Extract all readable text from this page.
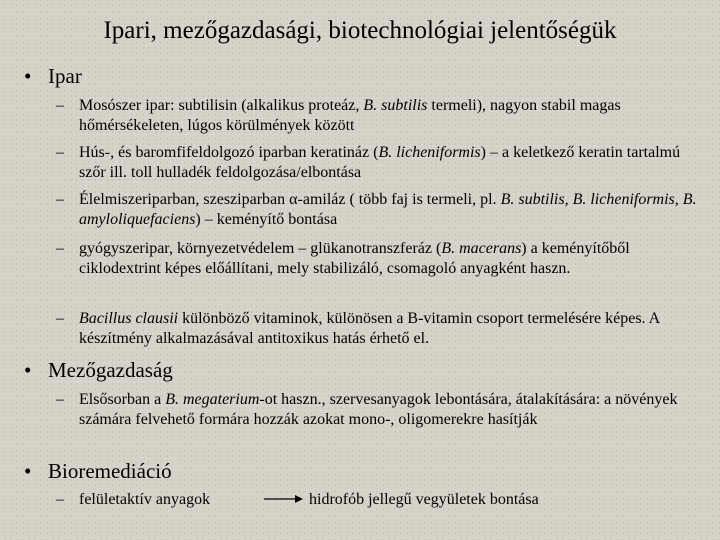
Ipari, mezőgazdasági, biotechnológiai jelentőségük
• Ipar
– Mosószer ipar: subtilisin (alkalikus proteáz, B. subtilis termeli), nagyon stabil magas hőmérsékeleten, lúgos körülmények között
– Hús-, és baromfifeldolgozó iparban keratináz (B. licheniformis) – a keletkező keratin tartalmú szőr ill. toll hulladék feldolgozása/elbontása
– Élelmiszeriparban, szesziparban α-amiláz ( több faj is termeli, pl. B. subtilis, B. licheniformis, B. amyloliquefaciens) – keményítő bontása
– gyógyszeripar, környezetvédelem – glükanotranszferáz (B. macerans) a keményítőből ciklodextrint képes előállítani, mely stabilizáló, csomagoló anyagként haszn.
– Bacillus clausii különböző vitaminok, különösen a B-vitamin csoport termelésére képes. A készítmény alkalmazásával antitoxikus hatás érhető el.
• Mezőgazdaság
– Elsősorban a B. megaterium-ot haszn., szervesanyagok lebontására, átalakítására: a növények számára felvehető formára hozzák azokat mono-, oligomerekre hasítják
• Bioremediáció
– felületaktív anyagok	hidrofób jellegű vegyületek bontása
